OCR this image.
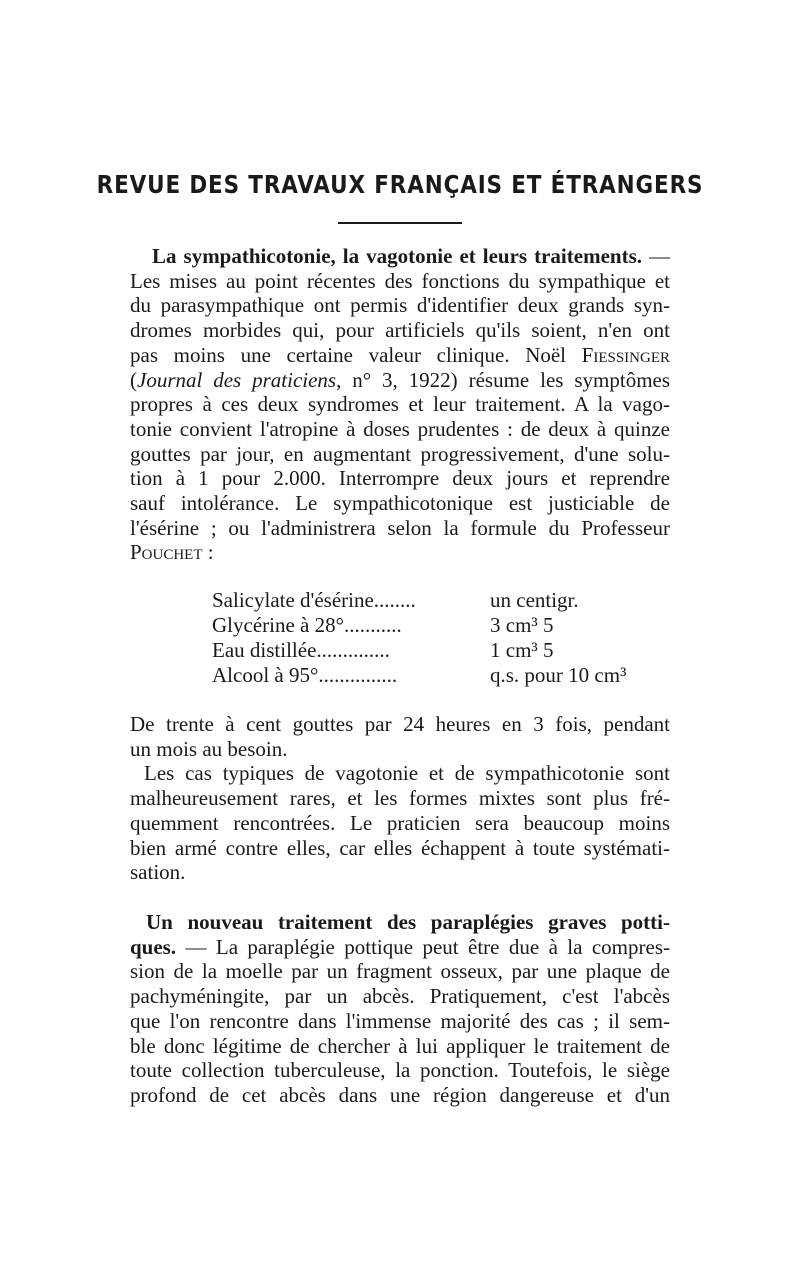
REVUE DES TRAVAUX FRANÇAIS ET ÉTRANGERS
La sympathicotonie, la vagotonie et leurs traitements. —
Les mises au point récentes des fonctions du sympathique et
du parasympathique ont permis d'identifier deux grands syn-
dromes morbides qui, pour artificiels qu'ils soient, n'en ont
pas moins une certaine valeur clinique. Noël Fiessinger
(Journal des praticiens, n° 3, 1922) résume les symptômes
propres à ces deux syndromes et leur traitement. A la vago-
tonie convient l'atropine à doses prudentes : de deux à quinze
gouttes par jour, en augmentant progressivement, d'une solu-
tion à 1 pour 2.000. Interrompre deux jours et reprendre
sauf intolérance. Le sympathicotonique est justiciable de
l'ésérine ; ou l'administrera selon la formule du Professeur
Pouchet :
Salicylate d'ésérine........	un centigr.
Glycérine à 28°...........	3 cm³ 5
Eau distillée..............	1 cm³ 5
Alcool à 95°...............	q.s. pour 10 cm³
De trente à cent gouttes par 24 heures en 3 fois, pendant
un mois au besoin.
Les cas typiques de vagotonie et de sympathicotonie sont
malheureusement rares, et les formes mixtes sont plus fré-
quemment rencontrées. Le praticien sera beaucoup moins
bien armé contre elles, car elles échappent à toute systémati-
sation.
Un nouveau traitement des paraplégies graves potti-
ques. — La paraplégie pottique peut être due à la compres-
sion de la moelle par un fragment osseux, par une plaque de
pachyméningite, par un abcès. Pratiquement, c'est l'abcès
que l'on rencontre dans l'immense majorité des cas ; il sem-
ble donc légitime de chercher à lui appliquer le traitement de
toute collection tuberculeuse, la ponction. Toutefois, le siège
profond de cet abcès dans une région dangereuse et d'un
